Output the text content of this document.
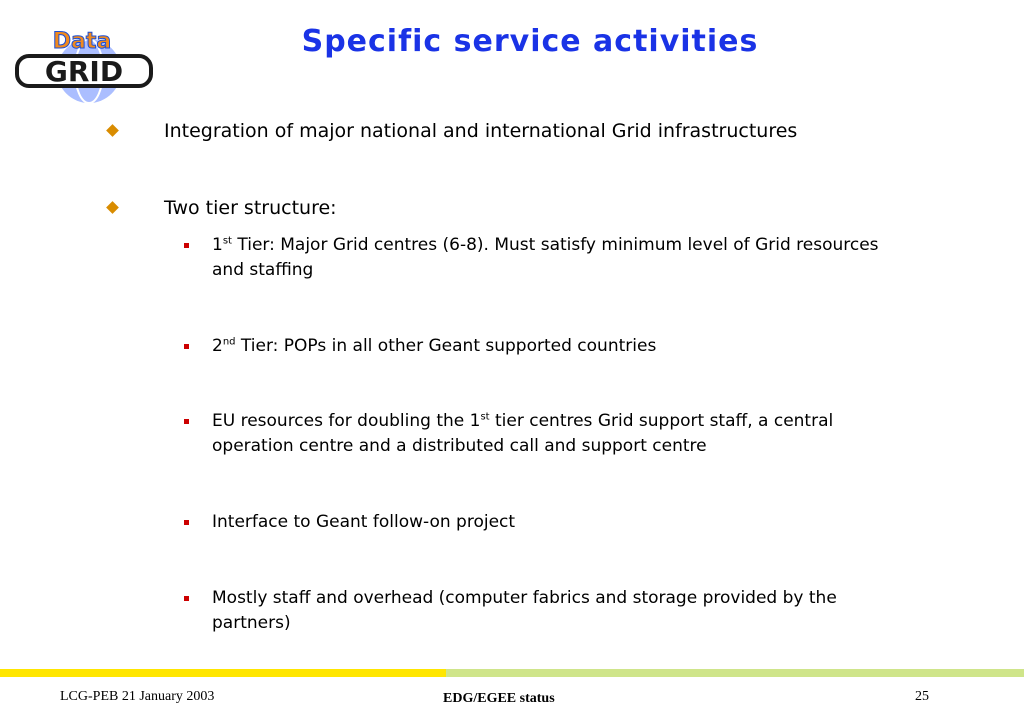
GRID
Data	Specific service activities
Integration of major national and international Grid infrastructures
Two tier structure:
1st Tier: Major Grid centres (6-8). Must satisfy minimum level of Grid resources and staffing
2nd Tier: POPs in all other Geant supported countries
EU resources for doubling the 1st tier centres Grid support staff, a central operation centre and a distributed call and support centre
Interface to Geant follow-on project
Mostly staff and overhead (computer fabrics and storage provided by the partners)
LCG-PEB 21 January 2003	EDG/EGEE status	25
